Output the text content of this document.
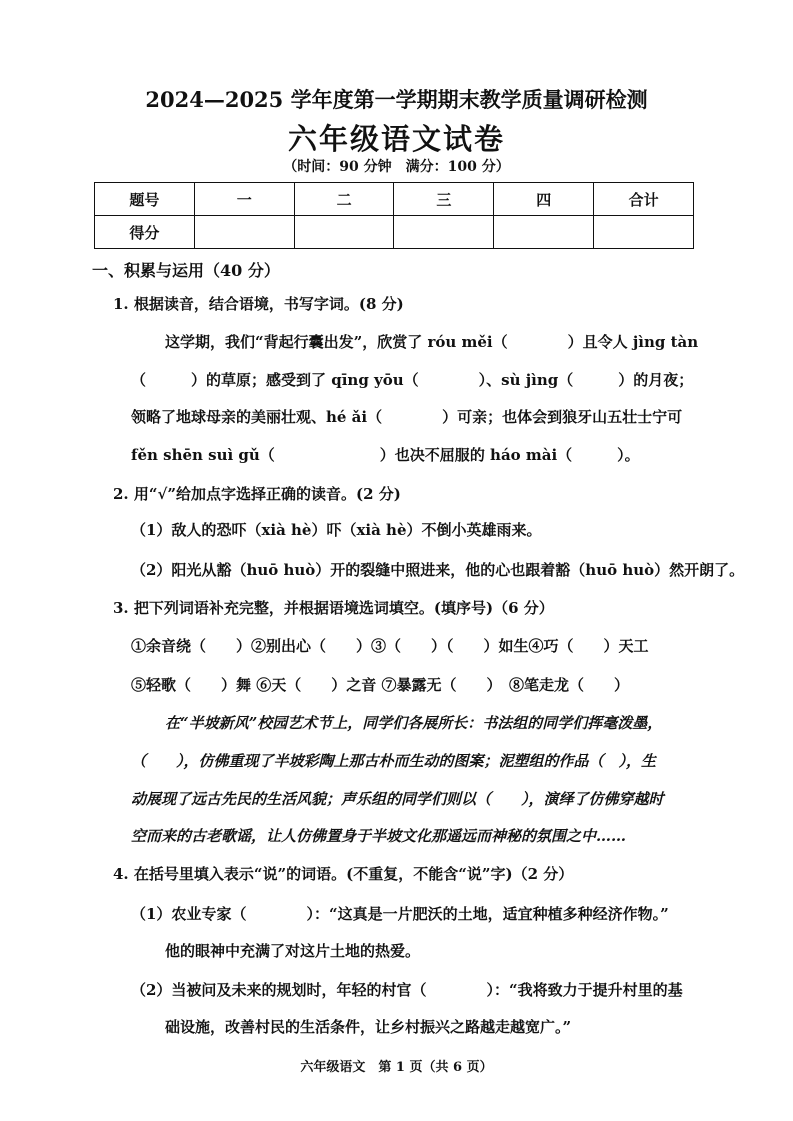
2024—2025 学年度第一学期期末教学质量调研检测
六年级语文试卷
（时间：90 分钟　满分：100 分）
题号	一	二	三	四	合计
得分					
一、积累与运用（40 分）
1. 根据读音，结合语境，书写字词。(8 分)
这学期，我们“背起行囊出发”，欣赏了 róu měi（　　　　）且令人 jìng tàn
（　　　）的草原；感受到了 qīng yōu（　　　　）、sù jìng（　　　）的月夜；
领略了地球母亲的美丽壮观、hé ǎi（　　　　）可亲；也体会到狼牙山五壮士宁可
fěn shēn suì gǔ（　　　　　　　）也决不屈服的 háo mài（　　　）。
2. 用“√”给加点字选择正确的读音。(2 分)
（1）敌人的恐吓（xià hè）吓（xià hè）不倒小英雄雨来。
（2）阳光从豁（huō huò）开的裂缝中照进来，他的心也跟着豁（huō huò）然开朗了。
3. 把下列词语补充完整，并根据语境选词填空。(填序号)（6 分）
①余音绕（　　）②别出心（　　）③（　　）（　　）如生④巧（　　）天工
⑤轻歌（　　）舞 ⑥天（　　）之音 ⑦暴露无（　　）　⑧笔走龙（　　）
在“半坡新风”校园艺术节上，同学们各展所长：书法组的同学们挥毫泼墨，
（　　），仿佛重现了半坡彩陶上那古朴而生动的图案；泥塑组的作品（　），生
动展现了远古先民的生活风貌；声乐组的同学们则以（　　），演绎了仿佛穿越时
空而来的古老歌谣，让人仿佛置身于半坡文化那遥远而神秘的氛围之中……
4. 在括号里填入表示“说”的词语。(不重复，不能含“说”字)（2 分）
（1）农业专家（　　　　）：“这真是一片肥沃的土地，适宜种植多种经济作物。”
他的眼神中充满了对这片土地的热爱。
（2）当被问及未来的规划时，年轻的村官（　　　　）：“我将致力于提升村里的基
础设施，改善村民的生活条件，让乡村振兴之路越走越宽广。”
六年级语文　第 1 页（共 6 页）
